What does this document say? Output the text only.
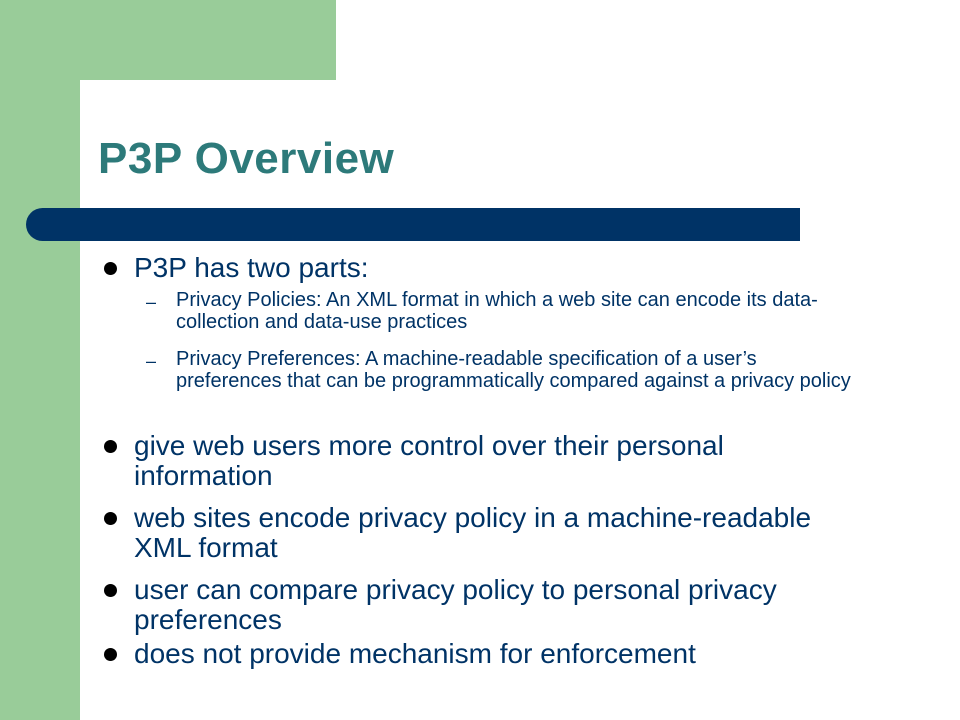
P3P Overview
P3P has two parts:
– Privacy Policies: An XML format in which a web site can encode its data-collection and data-use practices
– Privacy Preferences: A machine-readable specification of a user’s preferences that can be programmatically compared against a privacy policy
give web users more control over their personal information
web sites encode privacy policy in a machine-readable XML format
user can compare privacy policy to personal privacy preferences
does not provide mechanism for enforcement
